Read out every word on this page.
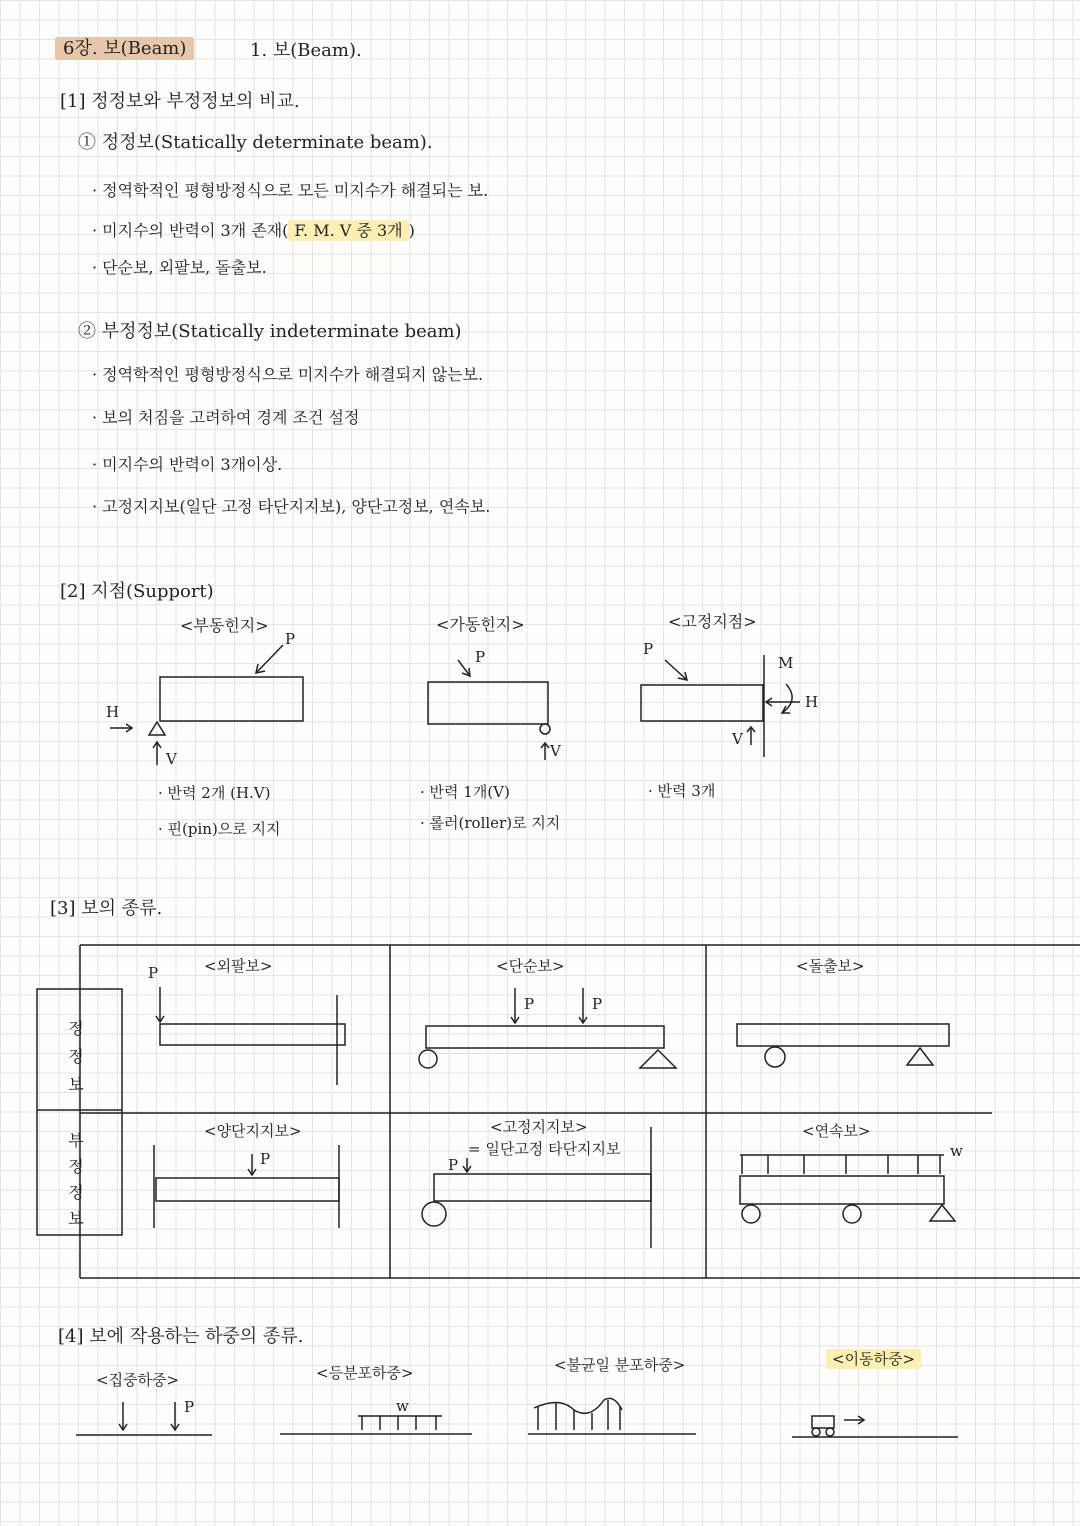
6장. 보(Beam)	1. 보(Beam).
[1] 정정보와 부정정보의 비교.
① 정정보(Statically determinate beam).
· 정역학적인 평형방정식으로 모든 미지수가 해결되는 보.
· 미지수의 반력이 3개 존재( F. M. V 중 3개 )
· 단순보, 외팔보, 돌출보.
② 부정정보(Statically indeterminate beam)
· 정역학적인 평형방정식으로 미지수가 해결되지 않는보.
· 보의 처짐을 고려하여 경계 조건 설정
· 미지수의 반력이 3개이상.
· 고정지지보(일단 고정 타단지지보), 양단고정보, 연속보.
[2] 지점(Support)
<부동힌지>	<가동힌지>	<고정지점>
P
H
V
· 반력 2개 (H.V)
· 핀(pin)으로 지지
P
V
· 반력 1개(V)
· 롤러(roller)로 지지
P
M
H
V
· 반력 3개
[3] 보의 종류.
정정보
부정정보
<외팔보>	<단순보>	<돌출보>
<양단지지보>	<고정지지보>
= 일단고정 타단지지보
<연속보>
P
P	P
P	P
w
[4] 보에 작용하는 하중의 종류.
<집중하중>	<등분포하중>	<불균일 분포하중>	<이동하중>
P	w
